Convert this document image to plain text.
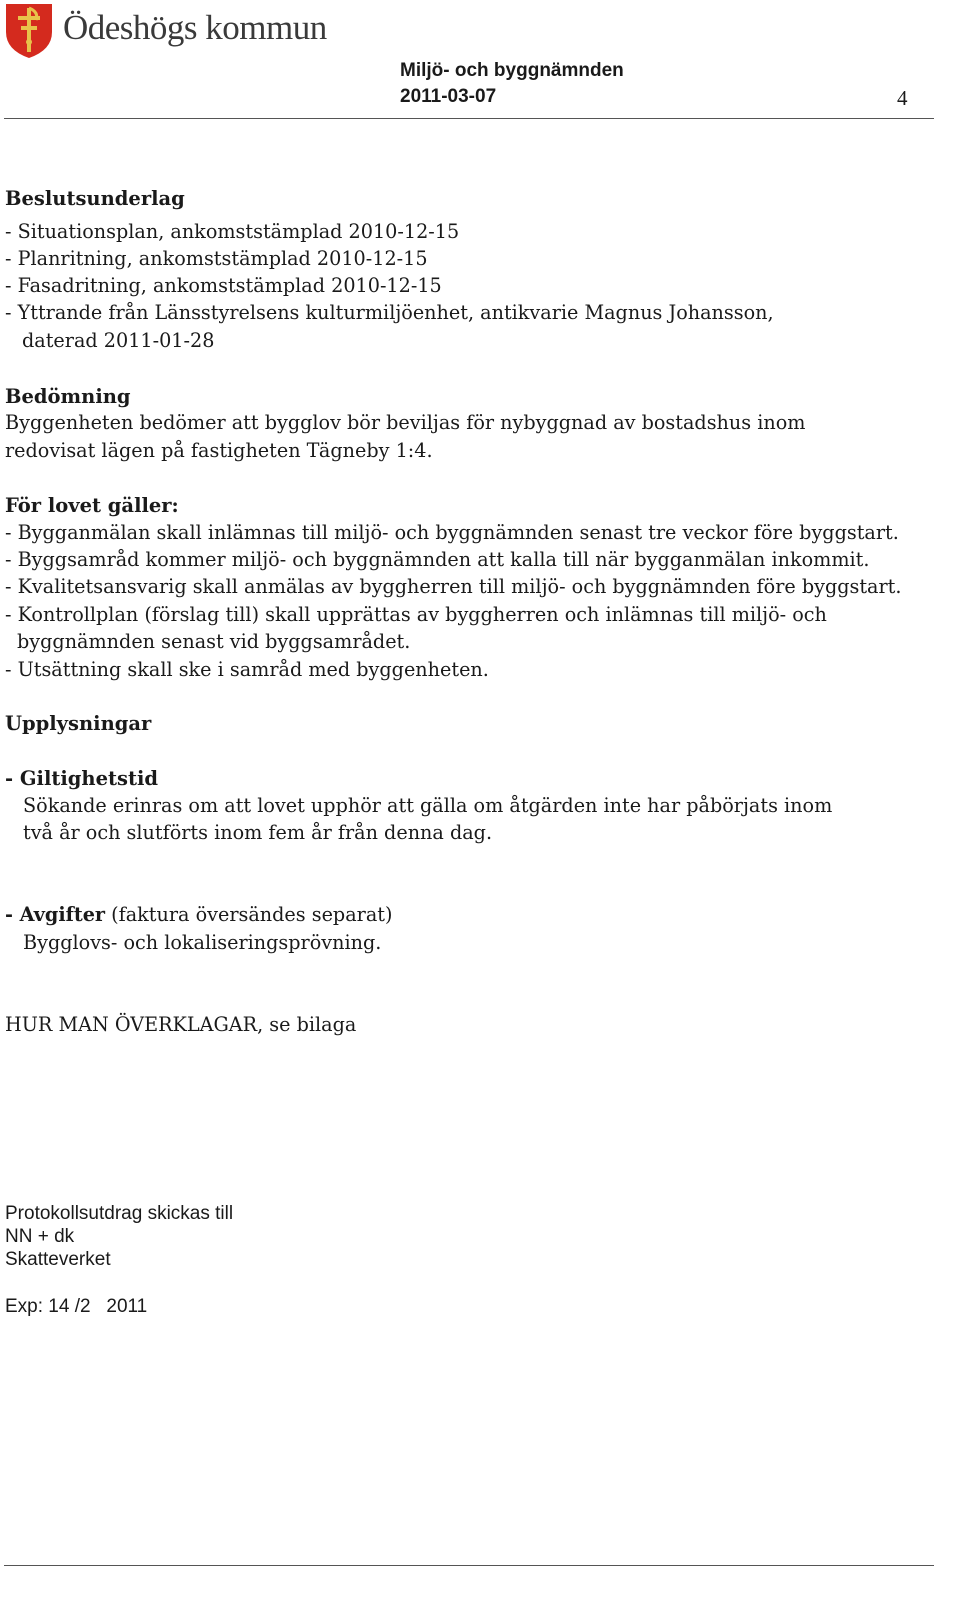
Ödeshögs kommun
Miljö- och byggnämnden
2011-03-07	4
Beslutsunderlag
- Situationsplan, ankomststämplad 2010-12-15
- Planritning, ankomststämplad 2010-12-15
- Fasadritning, ankomststämplad 2010-12-15
- Yttrande från Länsstyrelsens kulturmiljöenhet, antikvarie Magnus Johansson,
daterad 2011-01-28
Bedömning
Byggenheten bedömer att bygglov bör beviljas för nybyggnad av bostadshus inom
redovisat lägen på fastigheten Tägneby 1:4.
För lovet gäller:
- Bygganmälan skall inlämnas till miljö- och byggnämnden senast tre veckor före byggstart.
- Byggsamråd kommer miljö- och byggnämnden att kalla till när bygganmälan inkommit.
- Kvalitetsansvarig skall anmälas av byggherren till miljö- och byggnämnden före byggstart.
- Kontrollplan (förslag till) skall upprättas av byggherren och inlämnas till miljö- och
byggnämnden senast vid byggsamrådet.
- Utsättning skall ske i samråd med byggenheten.
Upplysningar
- Giltighetstid
Sökande erinras om att lovet upphör att gälla om åtgärden inte har påbörjats inom
två år och slutförts inom fem år från denna dag.
- Avgifter (faktura översändes separat)
Bygglovs- och lokaliseringsprövning.
HUR MAN ÖVERKLAGAR, se bilaga
Protokollsutdrag skickas till
NN + dk
Skatteverket
Exp: 14 /2   2011
